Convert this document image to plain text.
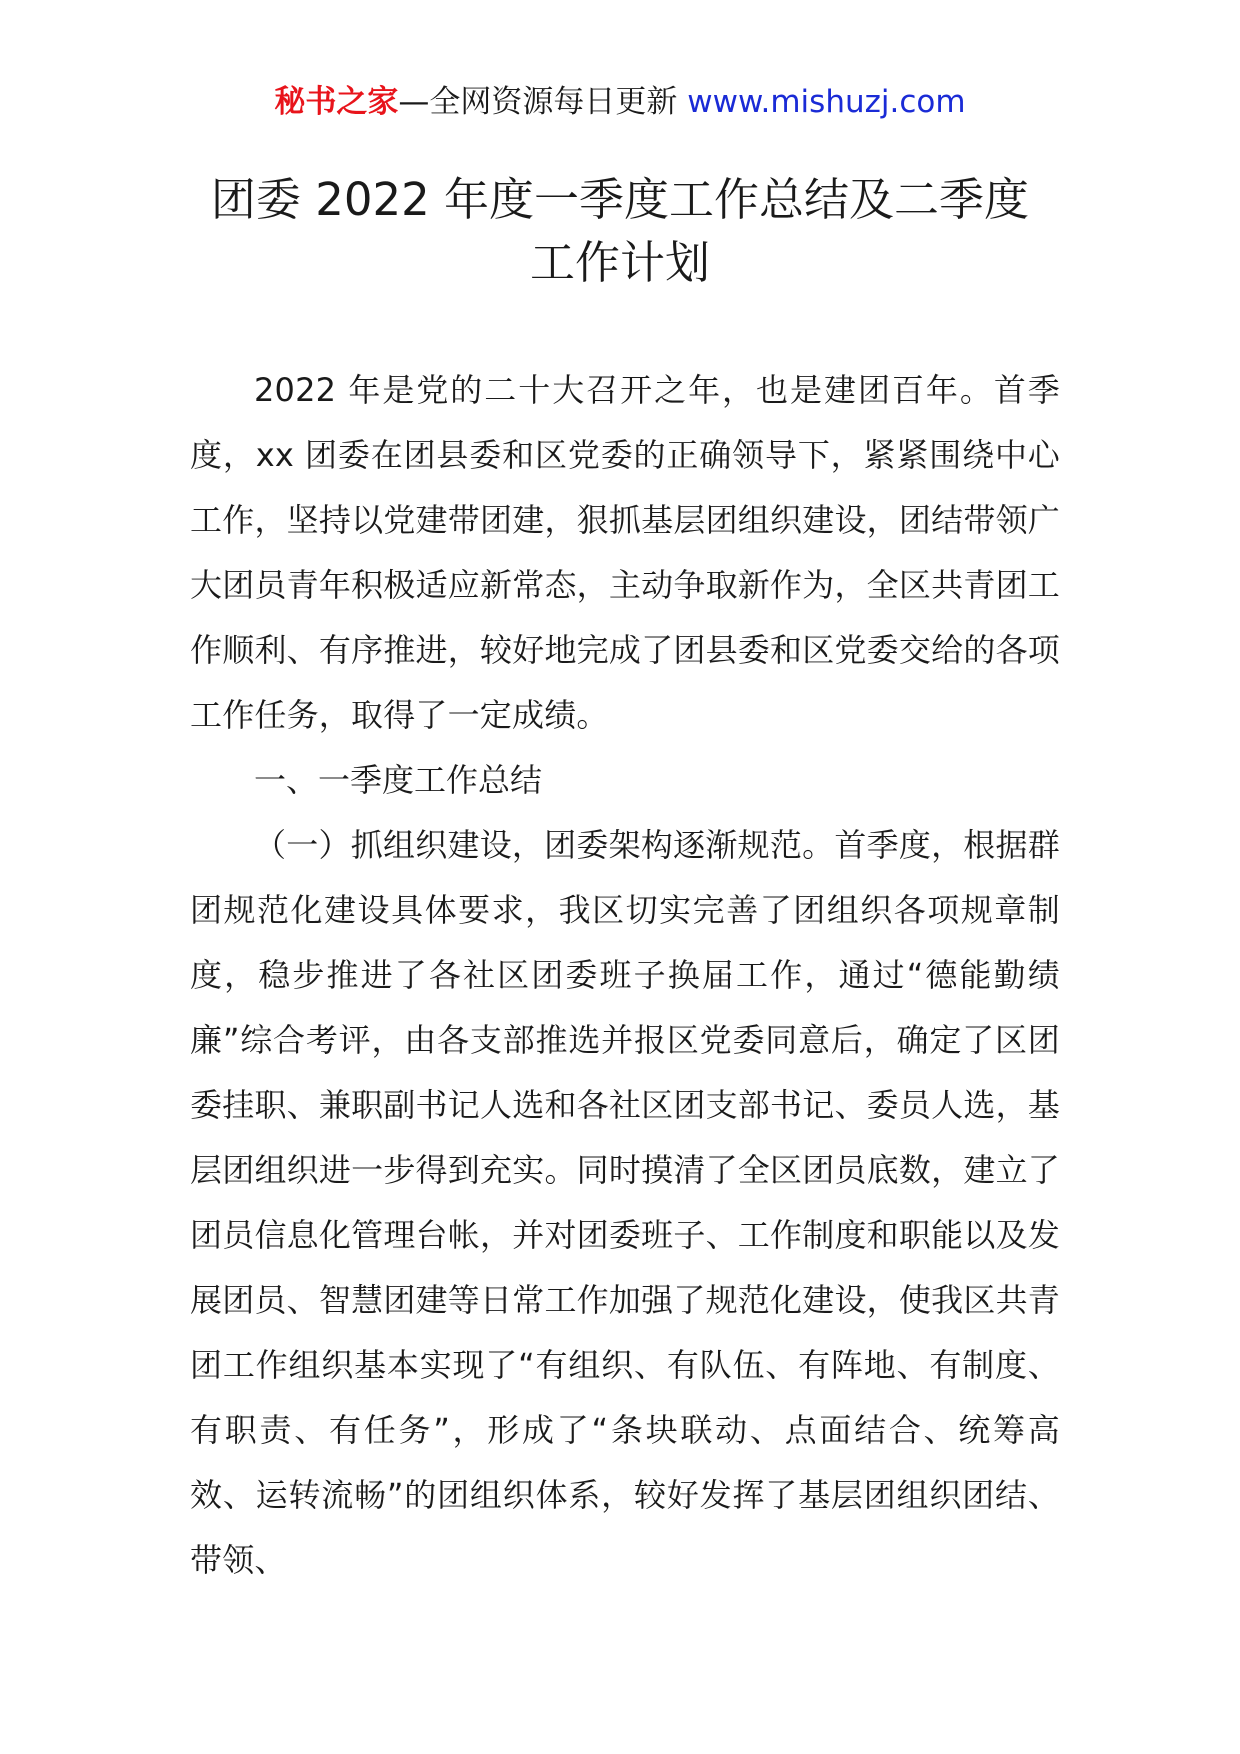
秘书之家—全网资源每日更新 www.mishuzj.com
团委 2022 年度一季度工作总结及二季度
工作计划

2022 年是党的二十大召开之年，也是建团百年。首季度，xx 团委在团县委和区党委的正确领导下，紧紧围绕中心工作，坚持以党建带团建，狠抓基层团组织建设，团结带领广大团员青年积极适应新常态，主动争取新作为，全区共青团工作顺利、有序推进，较好地完成了团县委和区党委交给的各项工作任务，取得了一定成绩。

一、一季度工作总结

（一）抓组织建设，团委架构逐渐规范。首季度，根据群团规范化建设具体要求，我区切实完善了团组织各项规章制度，稳步推进了各社区团委班子换届工作，通过“德能勤绩廉”综合考评，由各支部推选并报区党委同意后，确定了区团委挂职、兼职副书记人选和各社区团支部书记、委员人选，基层团组织进一步得到充实。同时摸清了全区团员底数，建立了团员信息化管理台帐，并对团委班子、工作制度和职能以及发展团员、智慧团建等日常工作加强了规范化建设，使我区共青团工作组织基本实现了“有组织、有队伍、有阵地、有制度、有职责、有任务”，形成了“条块联动、点面结合、统筹高效、运转流畅”的团组织体系，较好发挥了基层团组织团结、带领、
